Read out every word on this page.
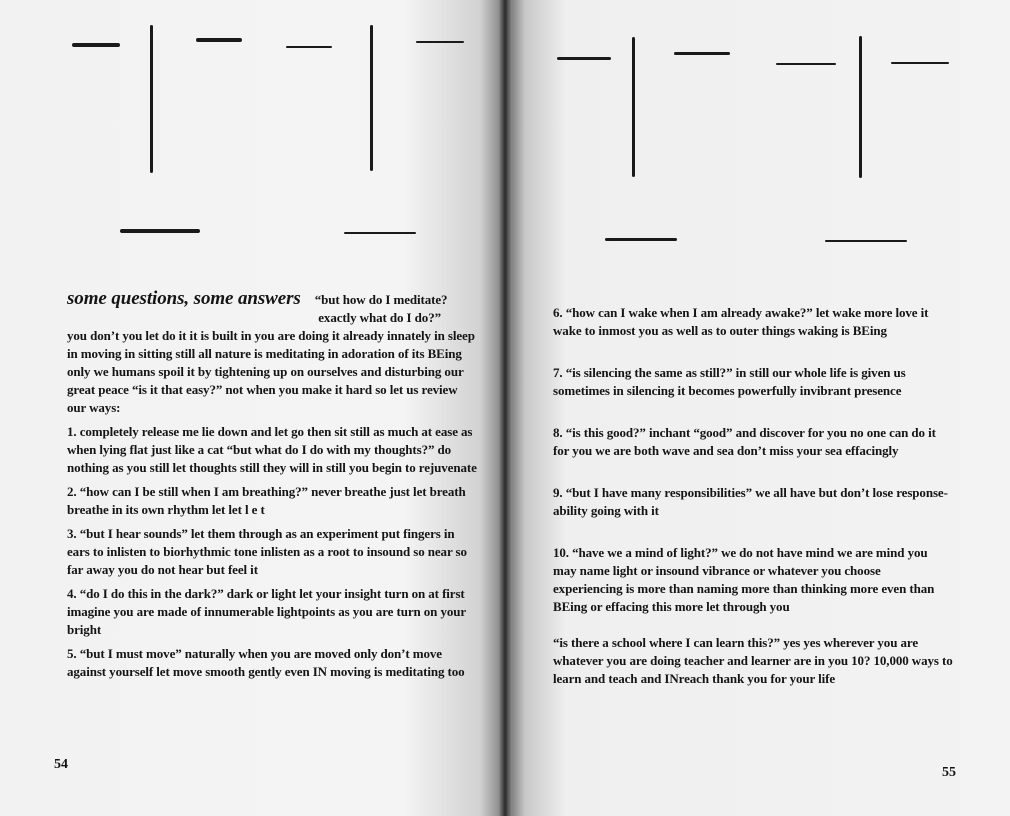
some questions, some answers “but how do I meditate?
exactly what do I do?”

you don’t you let do it it is built in you are doing it already innately in sleep in moving in sitting still all nature is meditating in adoration of its BEing only we humans spoil it by tightening up on ourselves and disturbing our great peace “is it that easy?” not when you make it hard so let us review our ways:

1. completely release me lie down and let go then sit still as much at ease as when lying flat just like a cat “but what do I do with my thoughts?” do nothing as you still let thoughts still they will in still you begin to rejuvenate

2. “how can I be still when I am breathing?” never breathe just let breath breathe in its own rhythm let let l e t

3. “but I hear sounds” let them through as an experiment put fingers in ears to inlisten to biorhythmic tone inlisten as a root to insound so near so far away you do not hear but feel it

4. “do I do this in the dark?” dark or light let your insight turn on at first imagine you are made of innumerable lightpoints as you are turn on your bright

5. “but I must move” naturally when you are moved only don’t move against yourself let move smooth gently even IN moving is meditating too

54

6. “how can I wake when I am already awake?” let wake more love it wake to inmost you as well as to outer things waking is BEing

7. “is silencing the same as still?” in still our whole life is given us sometimes in silencing it becomes powerfully invibrant presence

8. “is this good?” inchant “good” and discover for you no one can do it for you we are both wave and sea don’t miss your sea effacingly

9. “but I have many responsibilities” we all have but don’t lose response-ability going with it

10. “have we a mind of light?” we do not have mind we are mind you may name light or insound vibrance or whatever you choose experiencing is more than naming more than thinking more even than BEing or effacing this more let through you

“is there a school where I can learn this?” yes yes wherever you are whatever you are doing teacher and learner are in you 10? 10,000 ways to learn and teach and INreach thank you for your life

55
